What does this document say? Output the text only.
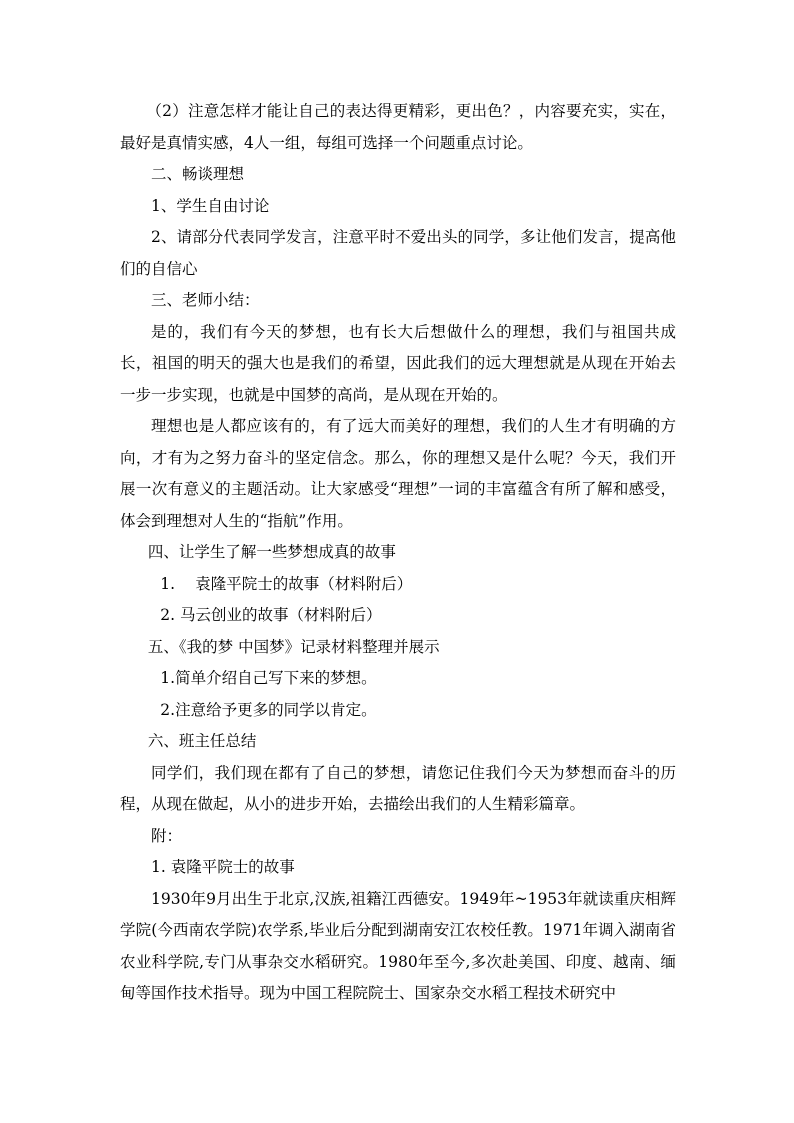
（2）注意怎样才能让自己的表达得更精彩，更出色？，内容要充实，实在，最好是真情实感，4人一组，每组可选择一个问题重点讨论。

二、畅谈理想

1、学生自由讨论

2、请部分代表同学发言，注意平时不爱出头的同学，多让他们发言，提高他们的自信心

三、老师小结：

是的，我们有今天的梦想，也有长大后想做什么的理想，我们与祖国共成长，祖国的明天的强大也是我们的希望，因此我们的远大理想就是从现在开始去一步一步实现，也就是中国梦的高尚，是从现在开始的。

理想也是人都应该有的，有了远大而美好的理想，我们的人生才有明确的方向，才有为之努力奋斗的坚定信念。那么，你的理想又是什么呢？今天，我们开展一次有意义的主题活动。让大家感受“理想”一词的丰富蕴含有所了解和感受，体会到理想对人生的“指航”作用。

四、让学生了解一些梦想成真的故事

1. 袁隆平院士的故事（材料附后）

2. 马云创业的故事（材料附后）

五、《我的梦 中国梦》记录材料整理并展示

1.简单介绍自己写下来的梦想。

2.注意给予更多的同学以肯定。

六、班主任总结

同学们，我们现在都有了自己的梦想，请您记住我们今天为梦想而奋斗的历程，从现在做起，从小的进步开始，去描绘出我们的人生精彩篇章。

附：

1. 袁隆平院士的故事

1930年9月出生于北京,汉族,祖籍江西德安。1949年~1953年就读重庆相辉学院(今西南农学院)农学系,毕业后分配到湖南安江农校任教。1971年调入湖南省农业科学院,专门从事杂交水稻研究。1980年至今,多次赴美国、印度、越南、缅甸等国作技术指导。现为中国工程院院士、国家杂交水稻工程技术研究中
